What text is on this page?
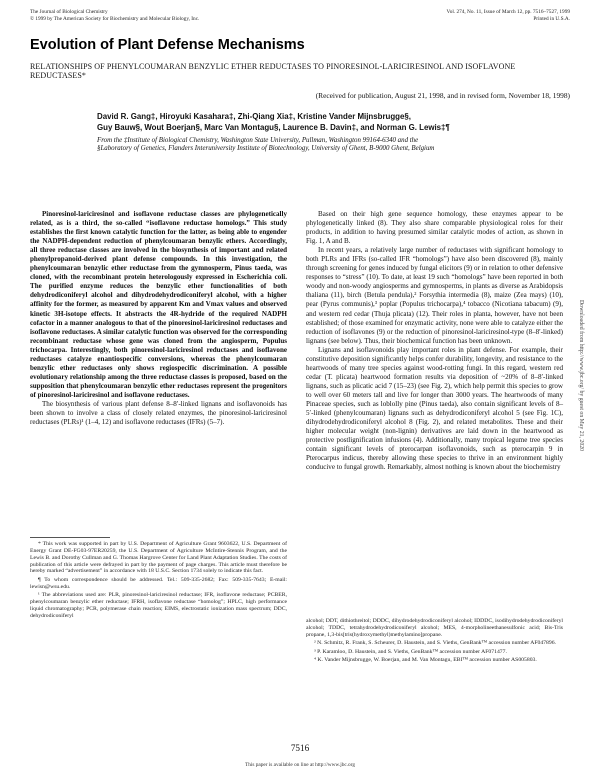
The Journal of Biological Chemistry
© 1999 by The American Society for Biochemistry and Molecular Biology, Inc.
Vol. 274, No. 11, Issue of March 12, pp. 7516–7527, 1999
Printed in U.S.A.
Evolution of Plant Defense Mechanisms
RELATIONSHIPS OF PHENYLCOUMARAN BENZYLIC ETHER REDUCTASES TO PINORESINOL-LARICIRESINOL AND ISOFLAVONE REDUCTASES*
(Received for publication, August 21, 1998, and in revised form, November 18, 1998)
David R. Gang‡, Hiroyuki Kasahara‡, Zhi-Qiang Xia‡, Kristine Vander Mijnsbrugge§,
Guy Bauw§, Wout Boerjan§, Marc Van Montagu§, Laurence B. Davin‡, and Norman G. Lewis‡¶
From the ‡Institute of Biological Chemistry, Washington State University, Pullman, Washington 99164-6340 and the
§Laboratory of Genetics, Flanders Interuniversity Institute of Biotechnology, University of Ghent, B-9000 Ghent, Belgium

Pinoresinol-lariciresinol and isoflavone reductase classes are phylogenetically related, as is a third, the so-called “isoflavone reductase homologs.” This study establishes the first known catalytic function for the latter, as being able to engender the NADPH-dependent reduction of phenylcoumaran benzylic ethers. Accordingly, all three reductase classes are involved in the biosynthesis of important and related phenylpropanoid-derived plant defense compounds. In this investigation, the phenylcoumaran benzylic ether reductase from the gymnosperm, Pinus taeda, was cloned, with the recombinant protein heterologously expressed in Escherichia coli. The purified enzyme reduces the benzylic ether functionalities of both dehydrodiconiferyl alcohol and dihydrodehydrodiconiferyl alcohol, with a higher affinity for the former, as measured by apparent Km and Vmax values and observed kinetic 3H-isotope effects. It abstracts the 4R-hydride of the required NADPH cofactor in a manner analogous to that of the pinoresinol-lariciresinol reductases and isoflavone reductases. A similar catalytic function was observed for the corresponding recombinant reductase whose gene was cloned from the angiosperm, Populus trichocarpa. Interestingly, both pinoresinol-lariciresinol reductases and isoflavone reductases catalyze enantiospecific conversions, whereas the phenylcoumaran benzylic ether reductases only shows regiospecific discrimination. A possible evolutionary relationship among the three reductase classes is proposed, based on the supposition that phenylcoumaran benzylic ether reductases represent the progenitors of pinoresinol-lariciresinol and isoflavone reductases.

The biosynthesis of various plant defense 8–8′-linked lignans and isoflavonoids has been shown to involve a class of closely related enzymes, the pinoresinol-lariciresinol reductases (PLRs)¹ (1–4, 12) and isoflavone reductases (IFRs) (5–7).

Based on their high gene sequence homology, these enzymes appear to be phylogenetically linked (8). They also share comparable physiological roles for their products, in addition to having presumed similar catalytic modes of action, as shown in Fig. 1, A and B.

In recent years, a relatively large number of reductases with significant homology to both PLRs and IFRs (so-called IFR “homologs”) have also been discovered (8), mainly through screening for genes induced by fungal elicitors (9) or in relation to other defensive responses to “stress” (10). To date, at least 19 such “homologs” have been reported in both woody and non-woody angiosperms and gymnosperms, in plants as diverse as Arabidopsis thaliana (11), birch (Betula pendula),² Forsythia intermedia (8), maize (Zea mays) (10), pear (Pyrus communis),³ poplar (Populus trichocarpa),⁴ tobacco (Nicotiana tabacum) (9), and western red cedar (Thuja plicata) (12). Their roles in planta, however, have not been established; of those examined for enzymatic activity, none were able to catalyze either the reduction of isoflavones (9) or the reduction of pinoresinol-lariciresinol-type (8–8′-linked) lignans (see below). Thus, their biochemical function has been unknown.

Lignans and isoflavonoids play important roles in plant defense. For example, their constitutive deposition significantly helps confer durability, longevity, and resistance to the heartwoods of many tree species against wood-rotting fungi. In this regard, western red cedar (T. plicata) heartwood formation results via deposition of ~20% of 8–8′-linked lignans, such as plicatic acid 7 (15–23) (see Fig. 2), which help permit this species to grow to well over 60 meters tall and live for longer than 3000 years. The heartwoods of many Pinaceae species, such as loblolly pine (Pinus taeda), also contain significant levels of 8–5′-linked (phenylcoumaran) lignans such as dehydrodiconiferyl alcohol 5 (see Fig. 1C), dihydrodehydrodiconiferyl alcohol 8 (Fig. 2), and related metabolites. These and their higher molecular weight (non-lignin) derivatives are laid down in the heartwood as protective postlignification infusions (4). Additionally, many tropical legume tree species contain significant levels of pterocarpan isoflavonoids, such as pterocarpin 9 in Pterocarpus indicus, thereby allowing these species to thrive in an environment highly conducive to fungal growth. Remarkably, almost nothing is known about the biochemistry

Downloaded from http://www.jbc.org/ by guest on May 21, 2020

* This work was supported in part by U.S. Department of Agriculture Grant 9603622, U.S. Department of Energy Grant DE-FG03-97ER20259, the U.S. Department of Agriculture McIntire-Stennis Program, and the Lewis B. and Dorothy Cullman and G. Thomas Hargrove Center for Land Plant Adaptation Studies. The costs of publication of this article were defrayed in part by the payment of page charges. This article must therefore be hereby marked “advertisement” in accordance with 18 U.S.C. Section 1734 solely to indicate this fact.

¶ To whom correspondence should be addressed. Tel.: 509-335-2682; Fax: 509-335-7643; E-mail: lewisn@wsu.edu.

¹ The abbreviations used are: PLR, pinoresinol-lariciresinol reductase; IFR, isoflavone reductase; PCBER, phenylcoumaran benzylic ether reductase; IFRH, isoflavone reductase “homolog”; HPLC, high performance liquid chromatography; PCR, polymerase chain reaction; EIMS, electrostatic ionization mass spectrum; DDC, dehydrodiconiferyl

alcohol; DDT, dithiothreitol; DDDC, dihydrodehydrodiconiferyl alcohol; IDDDC, isodihydrodehydrodiconiferyl alcohol; TDDC, tetrahydrodehydrodiconiferyl alcohol; MES, 4-morpholineethanesulfonic acid; Bis-Tris propane, 1,3-bis[tris(hydroxymethyl)methylamino]propane.

² N. Schmitz, R. Frank, S. Scheurer, D. Haustein, and S. Vieths, GenBank™ accession number AF047896.

³ P. Karamloo, D. Haustein, and S. Vieths, GenBank™ accession number AF071477.

⁴ K. Vander Mijnsbrugge, W. Boerjan, and M. Van Montagu, EBI™ accession number AS005803.

7516
This paper is available on line at http://www.jbc.org
